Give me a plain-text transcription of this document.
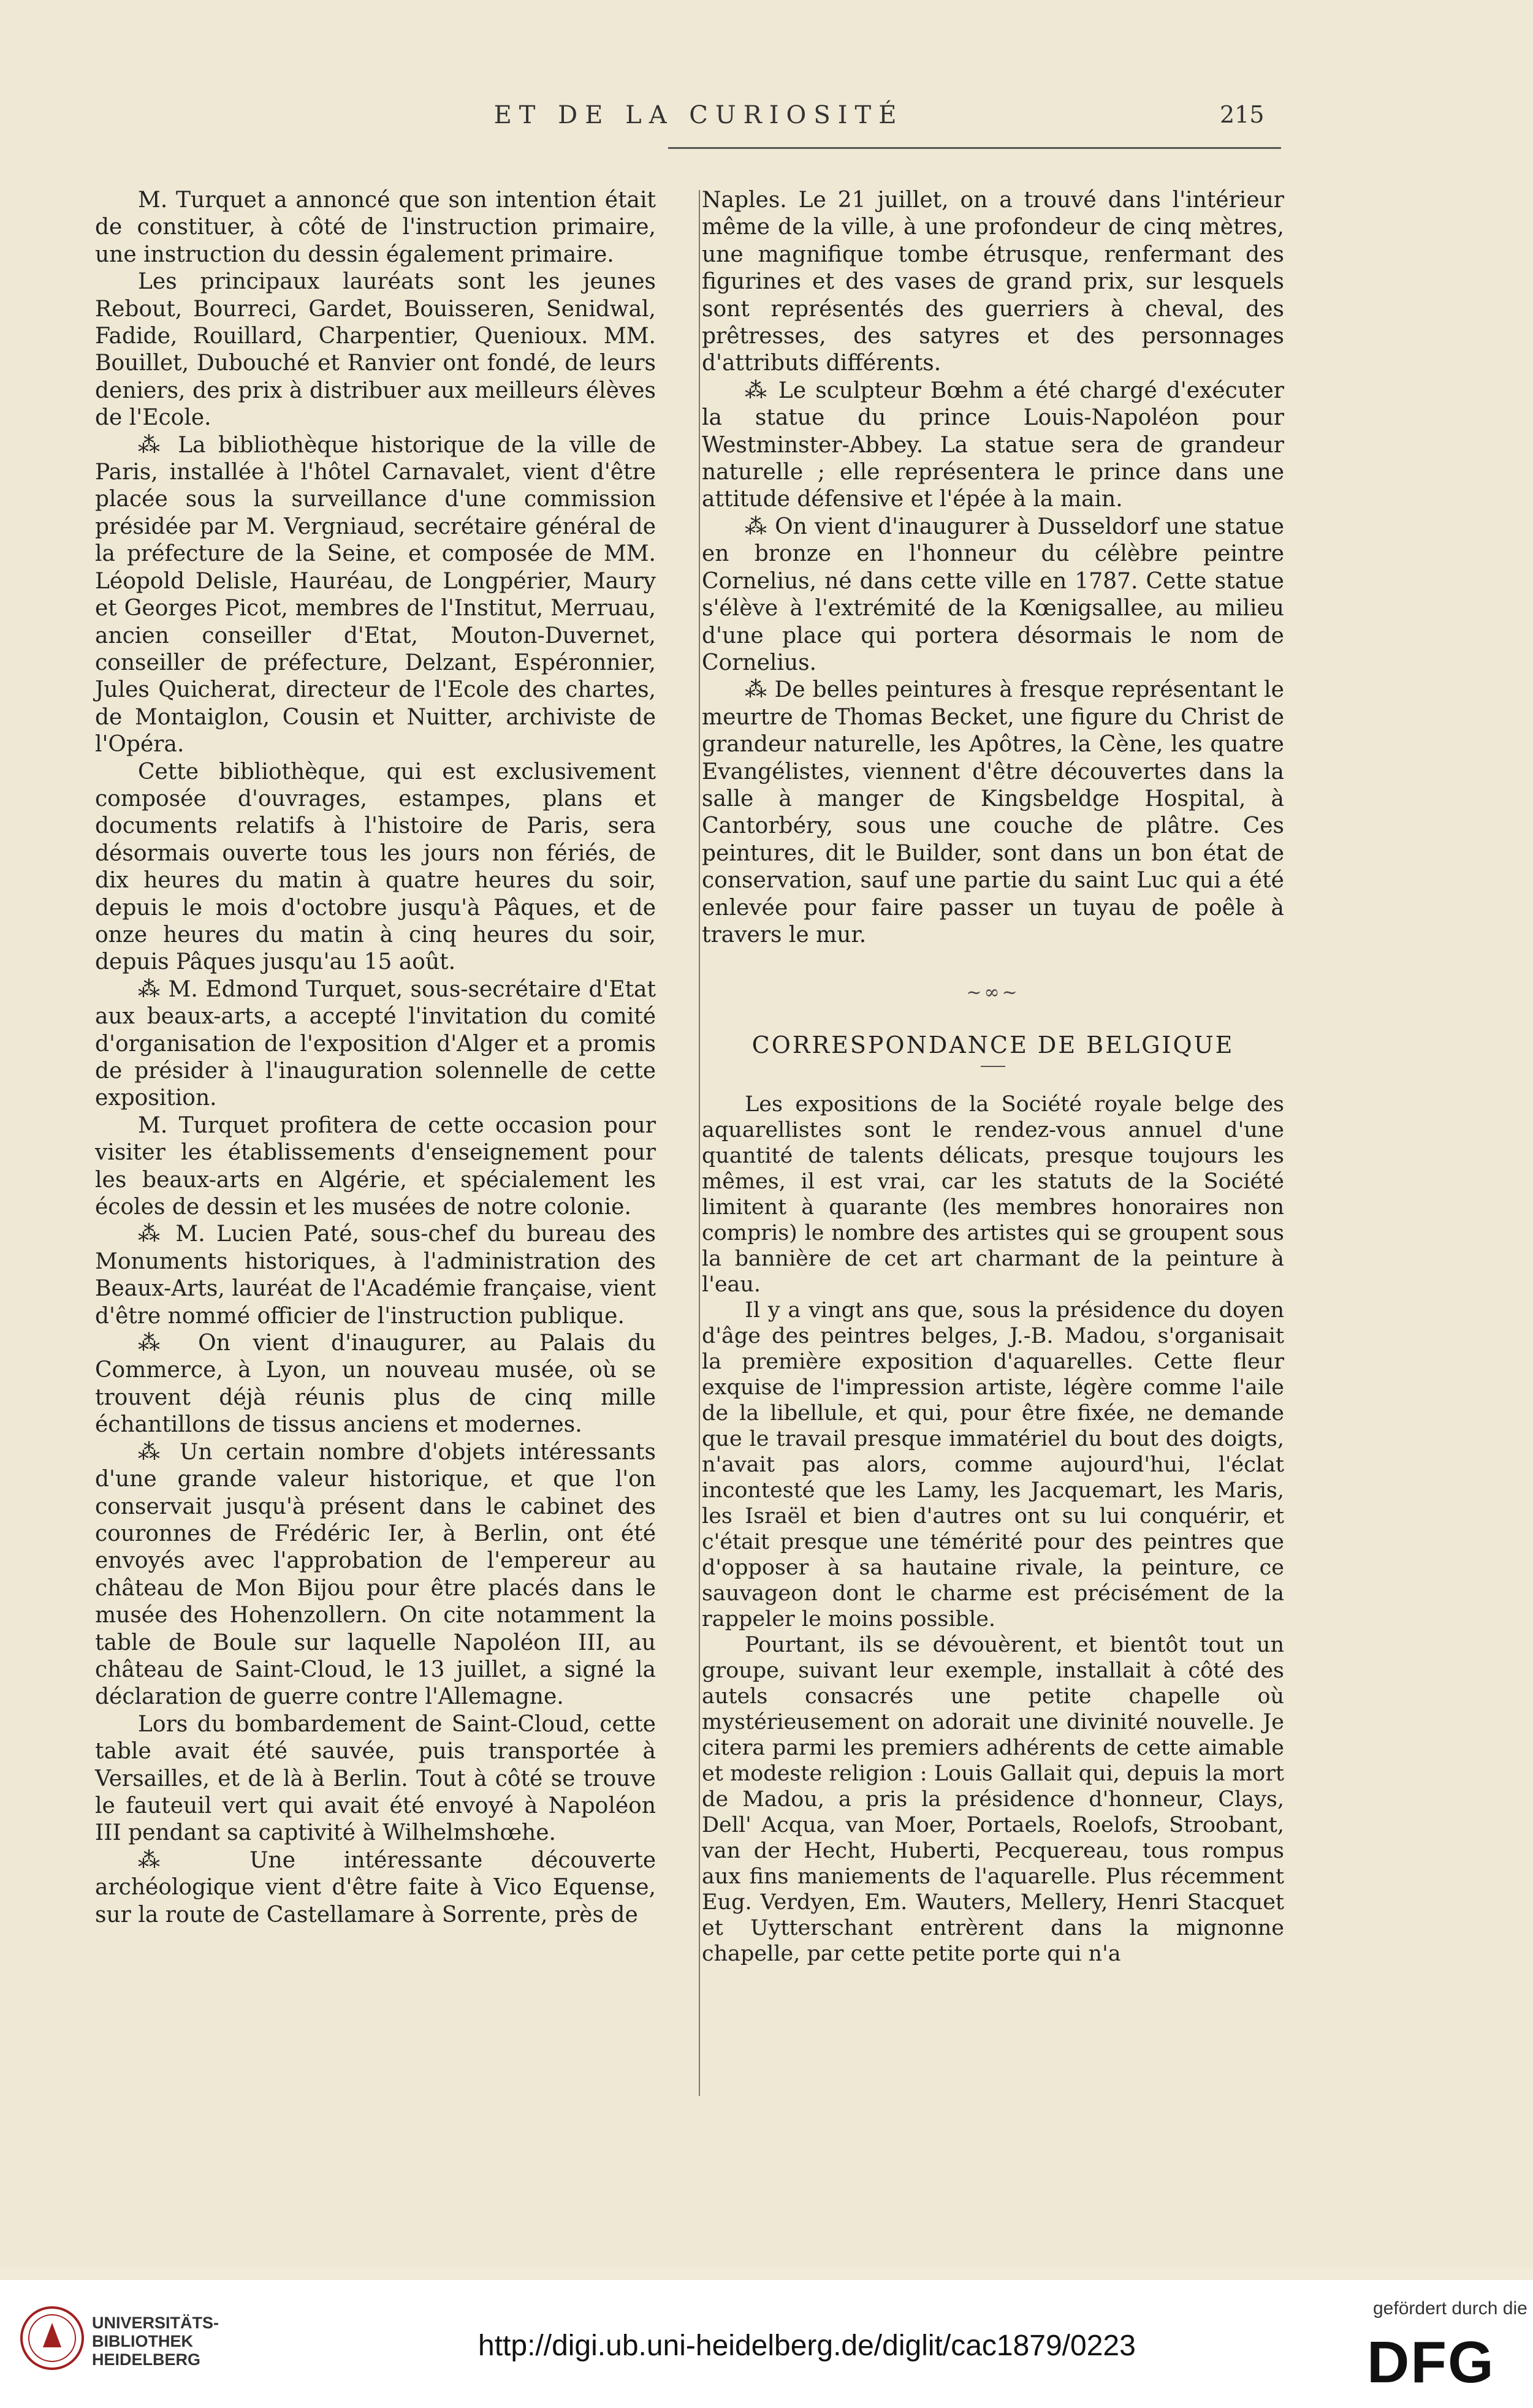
ET DE LA CURIOSITÉ	215

M. Turquet a annoncé que son intention était de constituer, à côté de l'instruction primaire, une instruction du dessin également primaire.

Les principaux lauréats sont les jeunes Rebout, Bourreci, Gardet, Bouisseren, Senidwal, Fadide, Rouillard, Charpentier, Quenioux. MM. Bouillet, Dubouché et Ranvier ont fondé, de leurs deniers, des prix à distribuer aux meilleurs élèves de l'Ecole.

⁂ La bibliothèque historique de la ville de Paris, installée à l'hôtel Carnavalet, vient d'être placée sous la surveillance d'une commission présidée par M. Vergniaud, secrétaire général de la préfecture de la Seine, et composée de MM. Léopold Delisle, Hauréau, de Longpérier, Maury et Georges Picot, membres de l'Institut, Merruau, ancien conseiller d'Etat, Mouton-Duvernet, conseiller de préfecture, Delzant, Espéronnier, Jules Quicherat, directeur de l'Ecole des chartes, de Montaiglon, Cousin et Nuitter, archiviste de l'Opéra.

Cette bibliothèque, qui est exclusivement composée d'ouvrages, estampes, plans et documents relatifs à l'histoire de Paris, sera désormais ouverte tous les jours non fériés, de dix heures du matin à quatre heures du soir, depuis le mois d'octobre jusqu'à Pâques, et de onze heures du matin à cinq heures du soir, depuis Pâques jusqu'au 15 août.

⁂ M. Edmond Turquet, sous-secrétaire d'Etat aux beaux-arts, a accepté l'invitation du comité d'organisation de l'exposition d'Alger et a promis de présider à l'inauguration solennelle de cette exposition.

M. Turquet profitera de cette occasion pour visiter les établissements d'enseignement pour les beaux-arts en Algérie, et spécialement les écoles de dessin et les musées de notre colonie.

⁂ M. Lucien Paté, sous-chef du bureau des Monuments historiques, à l'administration des Beaux-Arts, lauréat de l'Académie française, vient d'être nommé officier de l'instruction publique.

⁂ On vient d'inaugurer, au Palais du Commerce, à Lyon, un nouveau musée, où se trouvent déjà réunis plus de cinq mille échantillons de tissus anciens et modernes.

⁂ Un certain nombre d'objets intéressants d'une grande valeur historique, et que l'on conservait jusqu'à présent dans le cabinet des couronnes de Frédéric Ier, à Berlin, ont été envoyés avec l'approbation de l'empereur au château de Mon Bijou pour être placés dans le musée des Hohenzollern. On cite notamment la table de Boule sur laquelle Napoléon III, au château de Saint-Cloud, le 13 juillet, a signé la déclaration de guerre contre l'Allemagne.

Lors du bombardement de Saint-Cloud, cette table avait été sauvée, puis transportée à Versailles, et de là à Berlin. Tout à côté se trouve le fauteuil vert qui avait été envoyé à Napoléon III pendant sa captivité à Wilhelmshœhe.

⁂ Une intéressante découverte archéologique vient d'être faite à Vico Equense, sur la route de Castellamare à Sorrente, près de

Naples. Le 21 juillet, on a trouvé dans l'intérieur même de la ville, à une profondeur de cinq mètres, une magnifique tombe étrusque, renfermant des figurines et des vases de grand prix, sur lesquels sont représentés des guerriers à cheval, des prêtresses, des satyres et des personnages d'attributs différents.

⁂ Le sculpteur Bœhm a été chargé d'exécuter la statue du prince Louis-Napoléon pour Westminster-Abbey. La statue sera de grandeur naturelle ; elle représentera le prince dans une attitude défensive et l'épée à la main.

⁂ On vient d'inaugurer à Dusseldorf une statue en bronze en l'honneur du célèbre peintre Cornelius, né dans cette ville en 1787. Cette statue s'élève à l'extrémité de la Kœnigsallee, au milieu d'une place qui portera désormais le nom de Cornelius.

⁂ De belles peintures à fresque représentant le meurtre de Thomas Becket, une figure du Christ de grandeur naturelle, les Apôtres, la Cène, les quatre Evangélistes, viennent d'être découvertes dans la salle à manger de Kingsbeldge Hospital, à Cantorbéry, sous une couche de plâtre. Ces peintures, dit le Builder, sont dans un bon état de conservation, sauf une partie du saint Luc qui a été enlevée pour faire passer un tuyau de poêle à travers le mur.

~∞~
CORRESPONDANCE DE BELGIQUE

Les expositions de la Société royale belge des aquarellistes sont le rendez-vous annuel d'une quantité de talents délicats, presque toujours les mêmes, il est vrai, car les statuts de la Société limitent à quarante (les membres honoraires non compris) le nombre des artistes qui se groupent sous la bannière de cet art charmant de la peinture à l'eau.

Il y a vingt ans que, sous la présidence du doyen d'âge des peintres belges, J.-B. Madou, s'organisait la première exposition d'aquarelles. Cette fleur exquise de l'impression artiste, légère comme l'aile de la libellule, et qui, pour être fixée, ne demande que le travail presque immatériel du bout des doigts, n'avait pas alors, comme aujourd'hui, l'éclat incontesté que les Lamy, les Jacquemart, les Maris, les Israël et bien d'autres ont su lui conquérir, et c'était presque une témérité pour des peintres que d'opposer à sa hautaine rivale, la peinture, ce sauvageon dont le charme est précisément de la rappeler le moins possible.

Pourtant, ils se dévouèrent, et bientôt tout un groupe, suivant leur exemple, installait à côté des autels consacrés une petite chapelle où mystérieusement on adorait une divinité nouvelle. Je citera parmi les premiers adhérents de cette aimable et modeste religion : Louis Gallait qui, depuis la mort de Madou, a pris la présidence d'honneur, Clays, Dell' Acqua, van Moer, Portaels, Roelofs, Stroobant, van der Hecht, Huberti, Pecquereau, tous rompus aux fins maniements de l'aquarelle. Plus récemment Eug. Verdyen, Em. Wauters, Mellery, Henri Stacquet et Uytterschant entrèrent dans la mignonne chapelle, par cette petite porte qui n'a

UNIVERSITÄTS-
BIBLIOTHEK
HEIDELBERG	http://digi.ub.uni-heidelberg.de/diglit/cac1879/0223
gefördert durch die
DFG
